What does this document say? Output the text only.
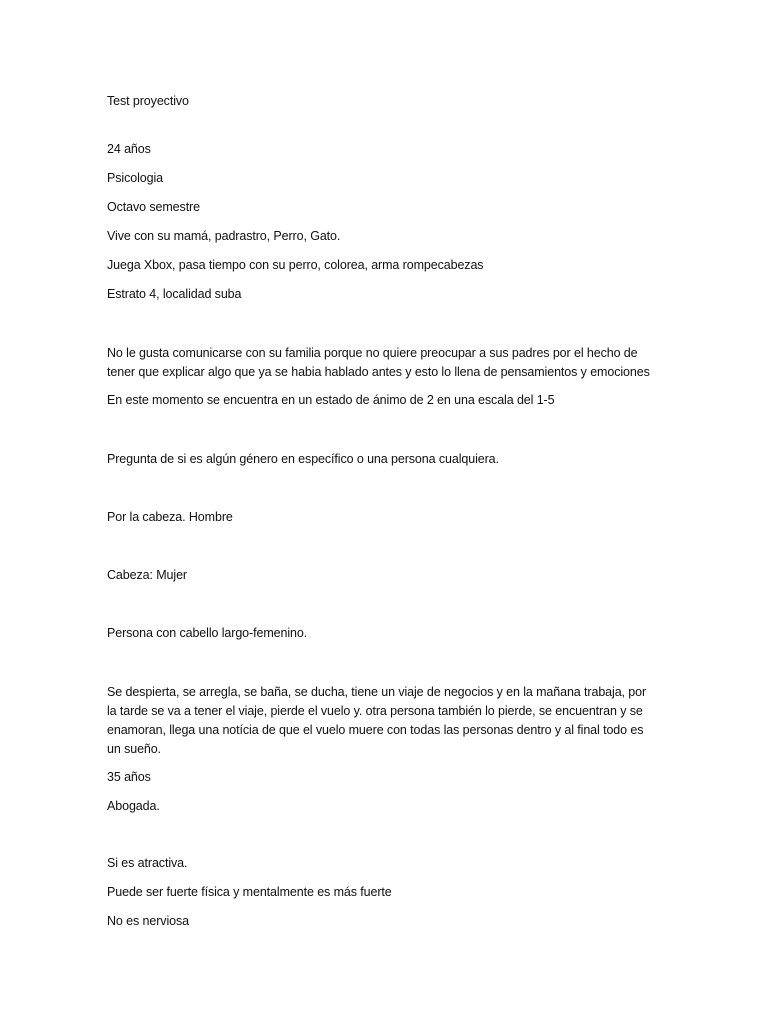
Test proyectivo
24 años
Psicologia
Octavo semestre
Vive con su mamá, padrastro, Perro, Gato.
Juega Xbox, pasa tiempo con su perro, colorea, arma rompecabezas
Estrato 4, localidad suba
No le gusta comunicarse con su familia porque no quiere preocupar a sus padres por el hecho de tener que explicar algo que ya se habia hablado antes y esto lo llena de pensamientos y emociones
En este momento se encuentra en un estado de ánimo de 2 en una escala del 1-5
Pregunta de si es algún género en específico o una persona cualquiera.
Por la cabeza. Hombre
Cabeza: Mujer
Persona con cabello largo-femenino.
Se despierta, se arregla, se baña, se ducha, tiene un viaje de negocios y en la mañana trabaja, por la tarde se va a tener el viaje, pierde el vuelo y. otra persona también lo pierde, se encuentran y se enamoran, llega una notícia de que el vuelo muere con todas las personas dentro y al final todo es un sueño.
35 años
Abogada.
Si es atractiva.
Puede ser fuerte física y mentalmente es más fuerte
No es nerviosa
